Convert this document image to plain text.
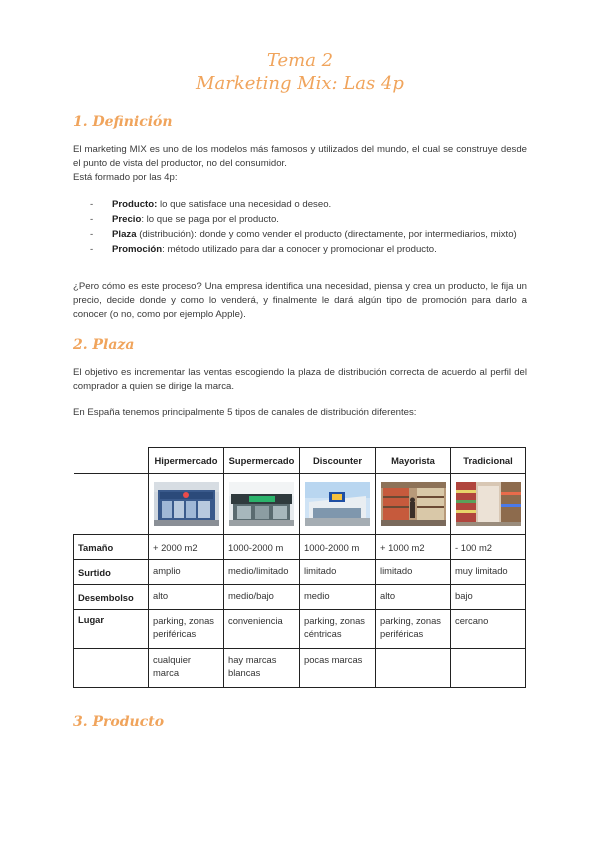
Tema 2
Marketing Mix: Las 4p
1. Definición
El marketing MIX es uno de los modelos más famosos y utilizados del mundo, el cual se construye desde el punto de vista del productor, no del consumidor.
Está formado por las 4p:
- Producto: lo que satisface una necesidad o deseo.
- Precio: lo que se paga por el producto.
- Plaza (distribución): donde y como vender el producto (directamente, por intermediarios, mixto)
- Promoción: método utilizado para dar a conocer y promocionar el producto.
¿Pero cómo es este proceso? Una empresa identifica una necesidad, piensa y crea un producto, le fija un precio, decide donde y como lo venderá, y finalmente le dará algún tipo de promoción para darlo a conocer (o no, como por ejemplo Apple).
2. Plaza
El objetivo es incrementar las ventas escogiendo la plaza de distribución correcta de acuerdo al perfil del comprador a quien se dirige la marca.
En España tenemos principalmente 5 tipos de canales de distribución diferentes:
	Hipermercado	Supermercado	Discounter	Mayorista	Tradicional

Tamaño	+ 2000 m2	1000-2000 m	1000-2000 m	+ 1000 m2	- 100 m2
Surtido	amplio	medio/limitado	limitado	limitado	muy limitado
Desembolso	alto	medio/bajo	medio	alto	bajo
Lugar	parking, zonas periféricas	conveniencia	parking, zonas céntricas	parking, zonas periféricas	cercano
	cualquier marca	hay marcas blancas	pocas marcas		
3. Producto
